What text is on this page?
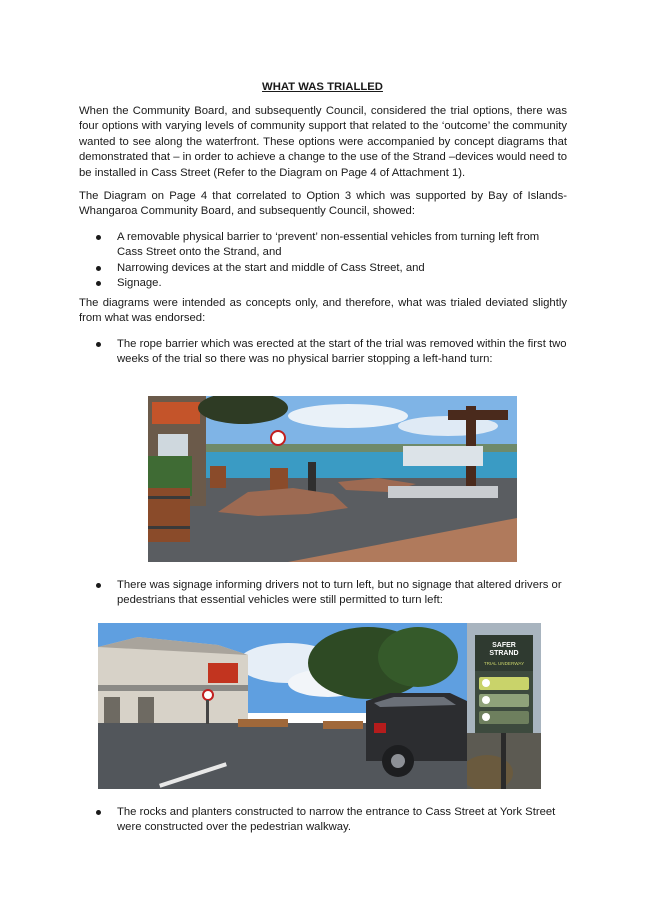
WHAT WAS TRIALLED

When the Community Board, and subsequently Council, considered the trial options, there was four options with varying levels of community support that related to the ‘outcome’ the community wanted to see along the waterfront. These options were accompanied by concept diagrams that demonstrated that – in order to achieve a change to the use of the Strand –devices would need to be installed in Cass Street (Refer to the Diagram on Page 4 of Attachment 1).

The Diagram on Page 4 that correlated to Option 3 which was supported by Bay of Islands-Whangaroa Community Board, and subsequently Council, showed:

A removable physical barrier to ‘prevent’ non-essential vehicles from turning left from Cass Street onto the Strand, and
Narrowing devices at the start and middle of Cass Street, and
Signage.

The diagrams were intended as concepts only, and therefore, what was trialed deviated slightly from what was endorsed:

The rope barrier which was erected at the start of the trial was removed within the first two weeks of the trial so there was no physical barrier stopping a left-hand turn:
There was signage informing drivers not to turn left, but no signage that altered drivers or pedestrians that essential vehicles were still permitted to turn left:
SAFER
STRAND
TRIAL UNDERWAY
The rocks and planters constructed to narrow the entrance to Cass Street at York Street were constructed over the pedestrian walkway.
